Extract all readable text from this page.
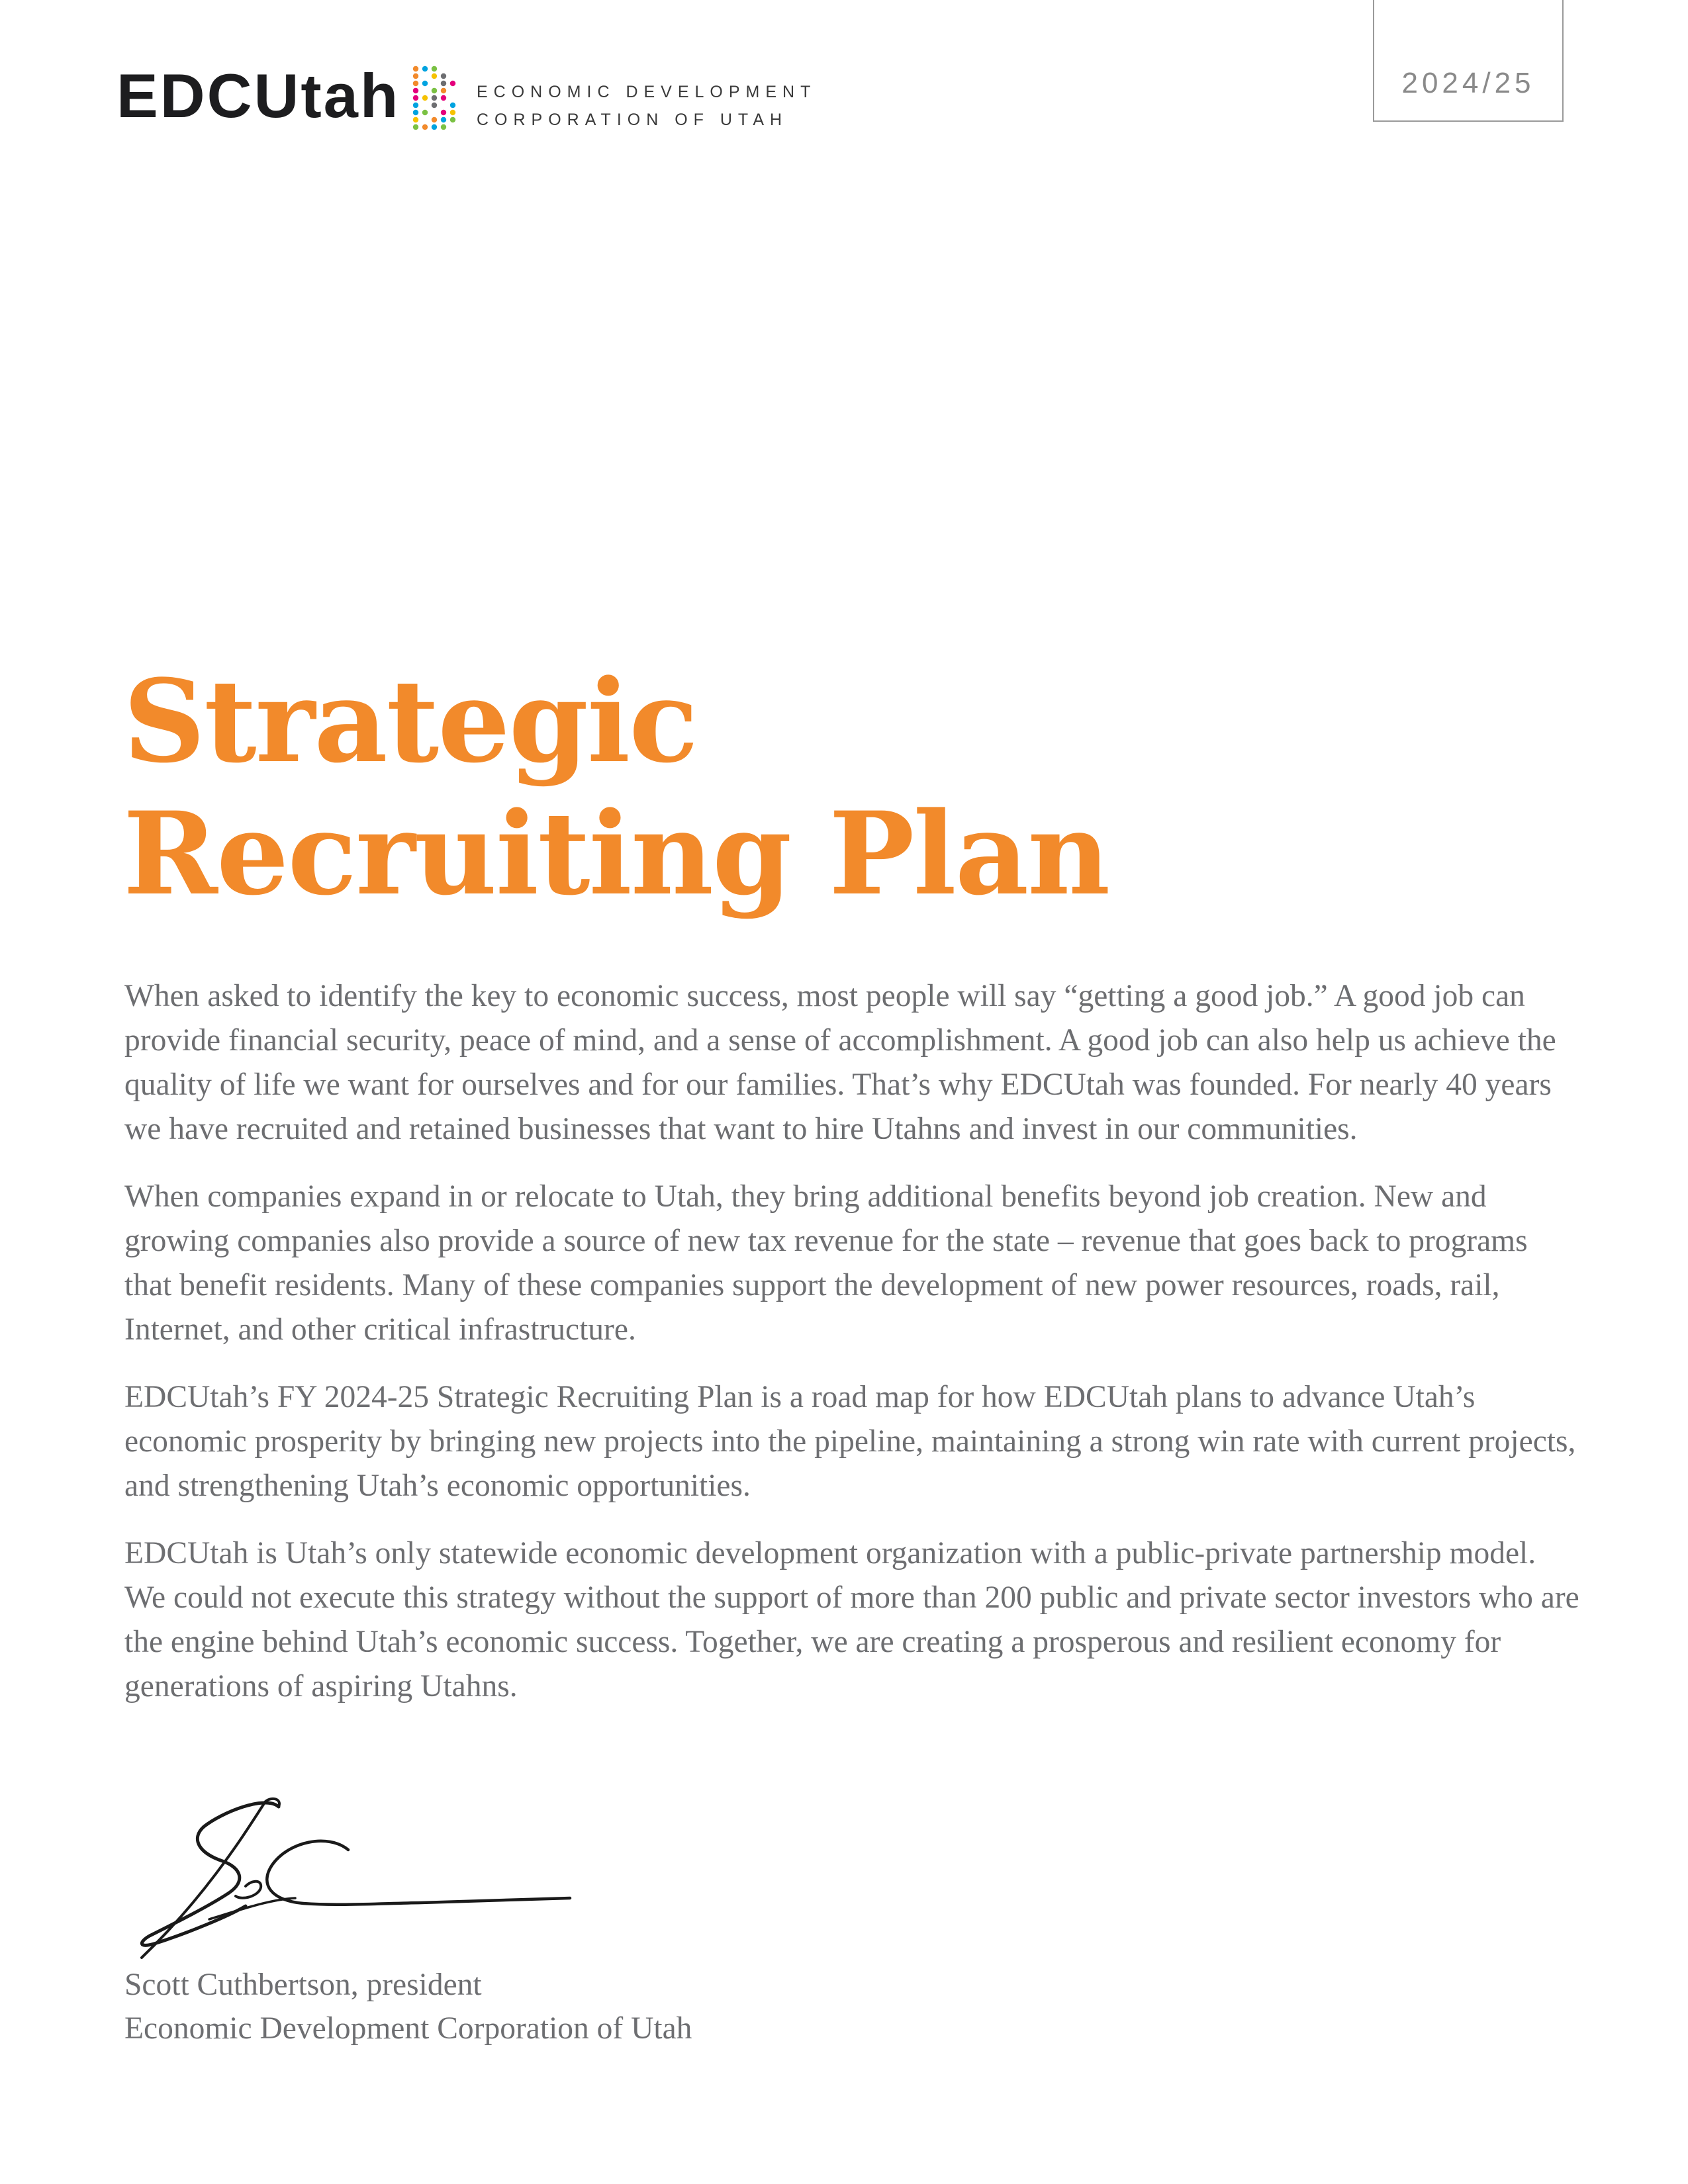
EDCUtah	ECONOMIC DEVELOPMENT
CORPORATION OF UTAH
2024/25
Strategic
Recruiting Plan

When asked to identify the key to economic success, most people will say “getting a good job.” A good job can provide financial security, peace of mind, and a sense of accomplishment. A good job can also help us achieve the quality of life we want for ourselves and for our families. That’s why EDCUtah was founded. For nearly 40 years we have recruited and retained businesses that want to hire Utahns and invest in our communities.

When companies expand in or relocate to Utah, they bring additional benefits beyond job creation. New and growing companies also provide a source of new tax revenue for the state – revenue that goes back to programs that benefit residents. Many of these companies support the development of new power resources, roads, rail, Internet, and other critical infrastructure.

EDCUtah’s FY 2024-25 Strategic Recruiting Plan is a road map for how EDCUtah plans to advance Utah’s economic prosperity by bringing new projects into the pipeline, maintaining a strong win rate with current projects, and strengthening Utah’s economic opportunities.

EDCUtah is Utah’s only statewide economic development organization with a public-private partnership model. We could not execute this strategy without the support of more than 200 public and private sector investors who are the engine behind Utah’s economic success. Together, we are creating a prosperous and resilient economy for generations of aspiring Utahns.

Scott Cuthbertson, president
Economic Development Corporation of Utah
